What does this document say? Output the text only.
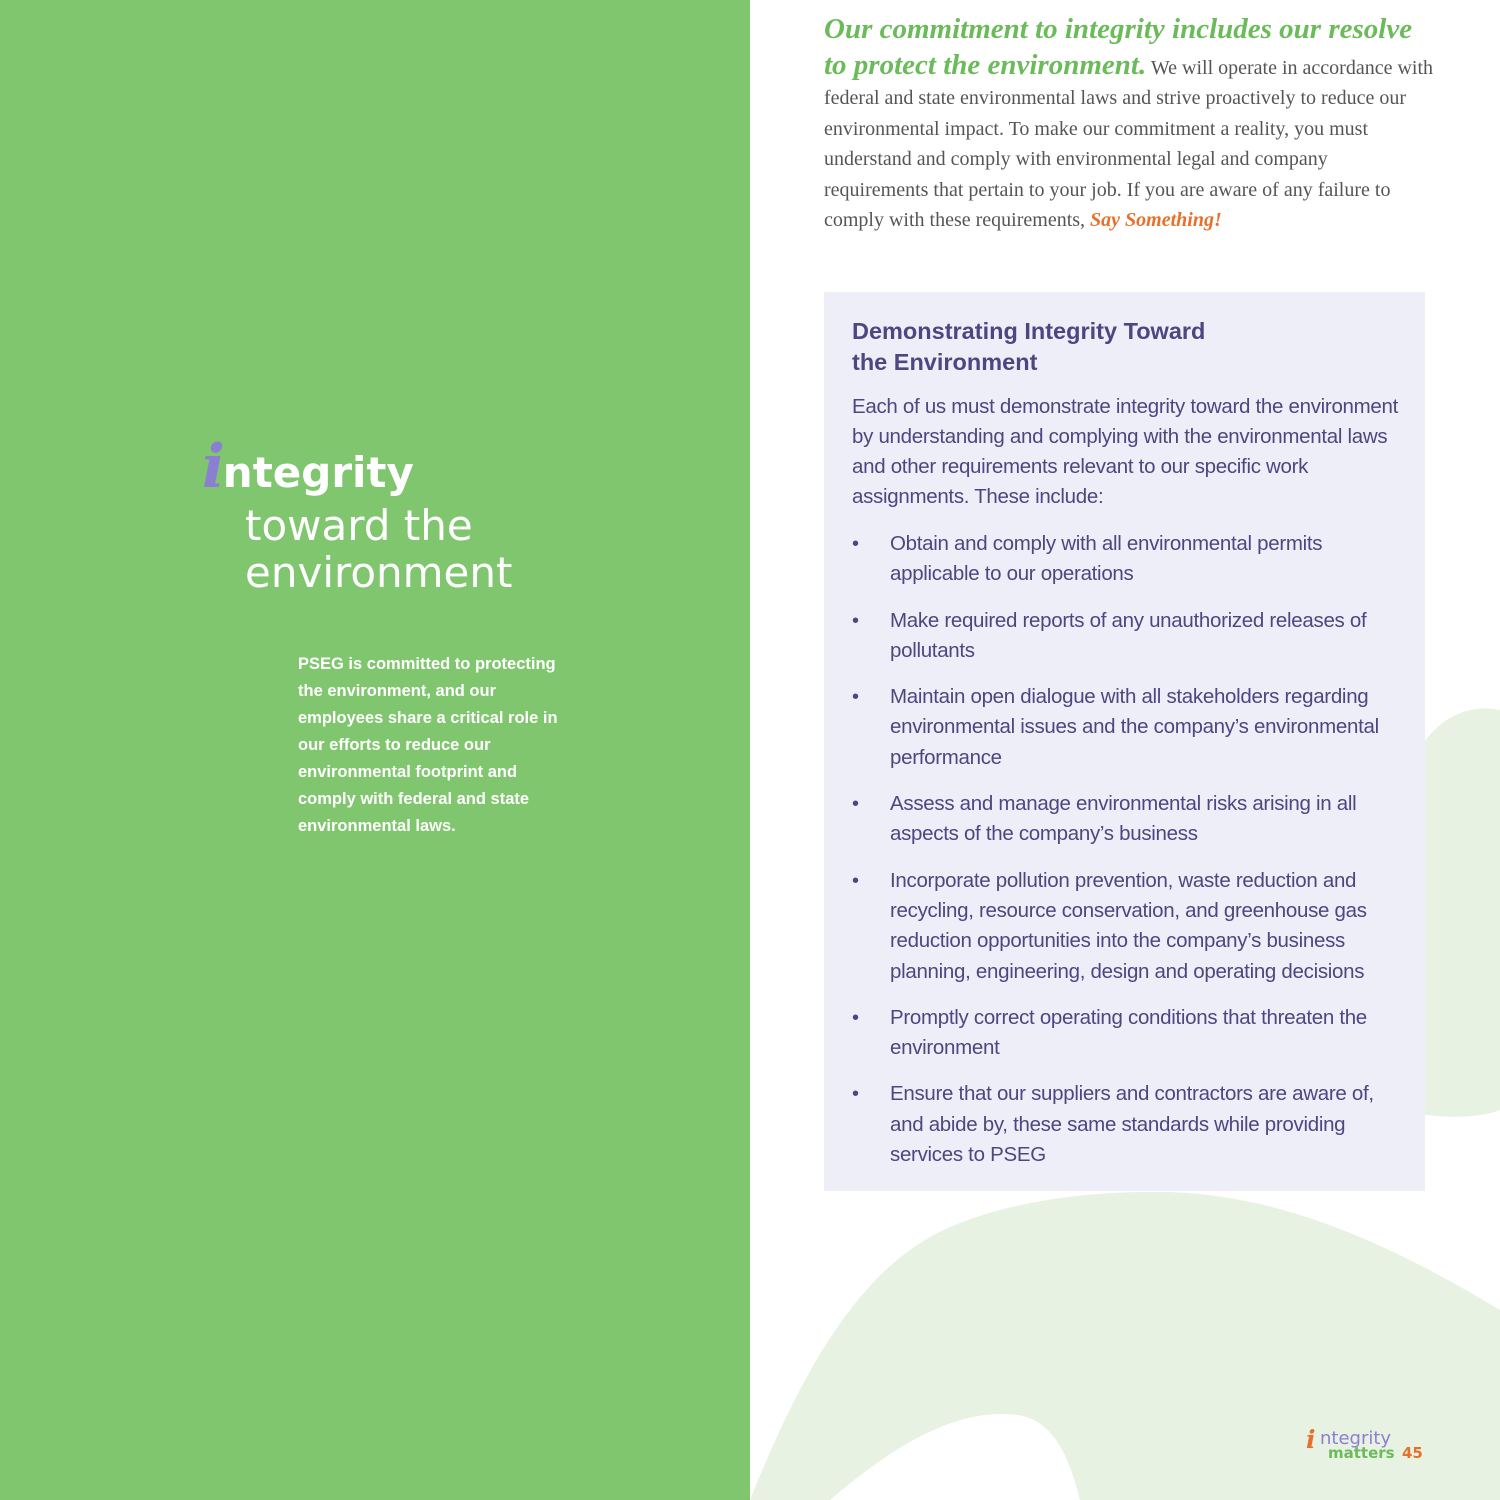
integrity
toward the
environment
PSEG is committed to protecting the environment, and our employees share a critical role in our efforts to reduce our environmental footprint and comply with federal and state environmental laws.
Our commitment to integrity includes our resolve to protect the environment. We will operate in accordance with federal and state environmental laws and strive proactively to reduce our environmental impact. To make our commitment a reality, you must understand and comply with environmental legal and company requirements that pertain to your job. If you are aware of any failure to comply with these requirements, Say Something!
Demonstrating Integrity Toward
the Environment
Each of us must demonstrate integrity toward the environment by understanding and complying with the environmental laws and other requirements relevant to our specific work assignments. These include:
• Obtain and comply with all environmental permits applicable to our operations
• Make required reports of any unauthorized releases of pollutants
• Maintain open dialogue with all stakeholders regarding environmental issues and the company’s environmental performance
• Assess and manage environmental risks arising in all aspects of the company’s business
• Incorporate pollution prevention, waste reduction and recycling, resource conservation, and greenhouse gas reduction opportunities into the company’s business planning, engineering, design and operating decisions
• Promptly correct operating conditions that threaten the environment
• Ensure that our suppliers and contractors are aware of, and abide by, these same standards while providing services to PSEG
i ntegrity
matters 45
